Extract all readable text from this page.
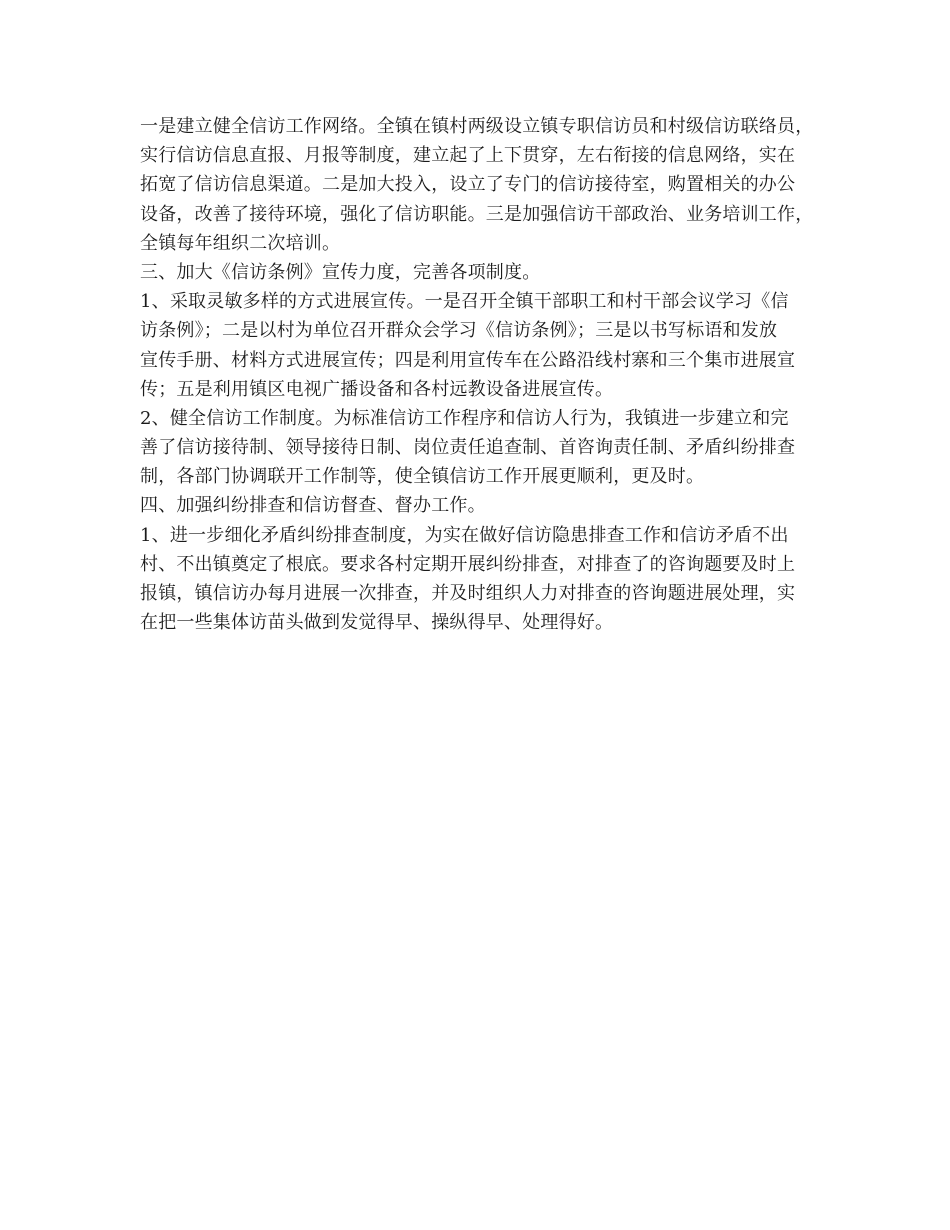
一是建立健全信访工作网络。全镇在镇村两级设立镇专职信访员和村级信访联络员，
实行信访信息直报、月报等制度，建立起了上下贯穿，左右衔接的信息网络，实在
拓宽了信访信息渠道。二是加大投入，设立了专门的信访接待室，购置相关的办公
设备，改善了接待环境，强化了信访职能。三是加强信访干部政治、业务培训工作，
全镇每年组织二次培训。

三、加大《信访条例》宣传力度，完善各项制度。

1、采取灵敏多样的方式进展宣传。一是召开全镇干部职工和村干部会议学习《信
访条例》；二是以村为单位召开群众会学习《信访条例》；三是以书写标语和发放
宣传手册、材料方式进展宣传；四是利用宣传车在公路沿线村寨和三个集市进展宣
传；五是利用镇区电视广播设备和各村远教设备进展宣传。

2、健全信访工作制度。为标准信访工作程序和信访人行为，我镇进一步建立和完
善了信访接待制、领导接待日制、岗位责任追查制、首咨询责任制、矛盾纠纷排查
制，各部门协调联开工作制等，使全镇信访工作开展更顺利，更及时。

四、加强纠纷排查和信访督查、督办工作。

1、进一步细化矛盾纠纷排查制度，为实在做好信访隐患排查工作和信访矛盾不出
村、不出镇奠定了根底。要求各村定期开展纠纷排查，对排查了的咨询题要及时上
报镇，镇信访办每月进展一次排查，并及时组织人力对排查的咨询题进展处理，实
在把一些集体访苗头做到发觉得早、操纵得早、处理得好。
